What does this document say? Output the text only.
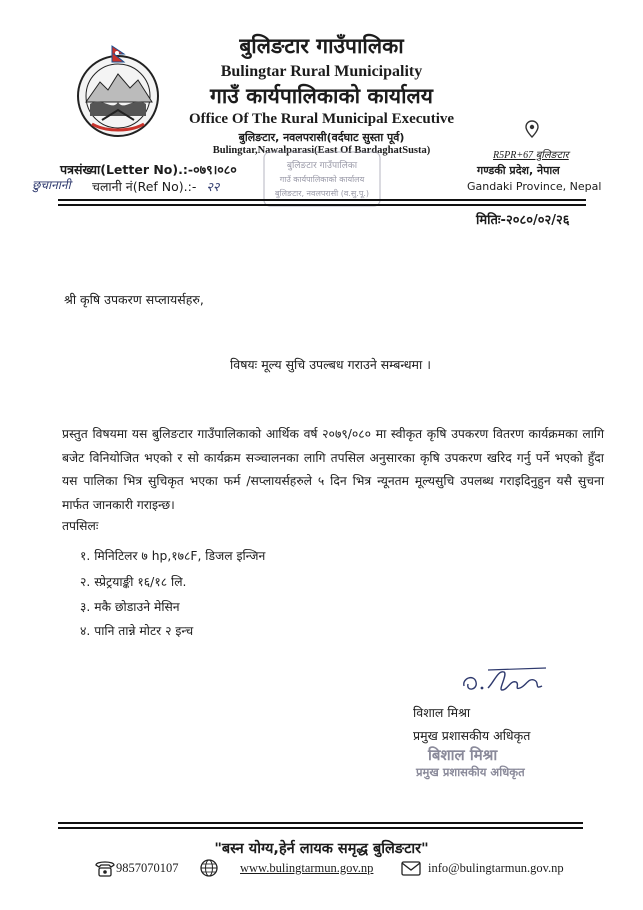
बुलिङटार गाउँपालिका
Bulingtar Rural Municipality
गाउँ कार्यपालिकाको कार्यालय
Office Of The Rural Municipal Executive
बुलिङटार, नवलपरासी(वर्दघाट सुस्ता पूर्व)
Bulingtar,Nawalparasi(East Of BardaghatSusta)	R5PR+67 बुलिङटार
गण्डकी प्रदेश, नेपाल
Gandaki Province, Nepal
पत्रसंख्या(Letter No).:-०७९।०८०
छुचानानी चलानी नं(Ref No).:- २२
बुलिङटार गाउँपालिका
गाउँ कार्यपालिकाको कार्यालय
बुलिङटार, नवलपरासी (व.सु.पू.)
मितिः-२०८०/०२/२६
श्री कृषि उपकरण सप्लायर्सहरु,
विषयः मूल्य सुचि उपल्बध गराउने सम्बन्धमा ।
प्रस्तुत विषयमा यस बुलिङटार गाउँपालिकाको आर्थिक वर्ष २०७९/०८० मा स्वीकृत कृषि उपकरण वितरण कार्यक्रमका लागि बजेट विनियोजित भएको र सो कार्यक्रम सञ्चालनका लागि तपसिल अनुसारका कृषि उपकरण खरिद गर्नु पर्ने भएको हुँदा यस पालिका भित्र सुचिकृत भएका फर्म /सप्लायर्सहरुले ५ दिन भित्र न्यूनतम मूल्यसुचि उपलब्ध गराइदिनुहुन यसै सुचना मार्फत जानकारी गराइन्छ।
तपसिलः
१. मिनिटिलर ७ hp,१७८F, डिजल इन्जिन
२. स्प्रेट्रयाङ्की १६/१८ लि.
३. मकै छोडाउने मेसिन
४. पानि तान्ने मोटर २ इन्च
विशाल मिश्रा
प्रमुख प्रशासकीय अधिकृत
बिशाल मिश्रा
प्रमुख प्रशासकीय अधिकृत
"बस्न योग्य,हेर्न लायक समृद्ध बुलिङटार"
9857070107	www.bulingtarmun.gov.np	info@bulingtarmun.gov.np
